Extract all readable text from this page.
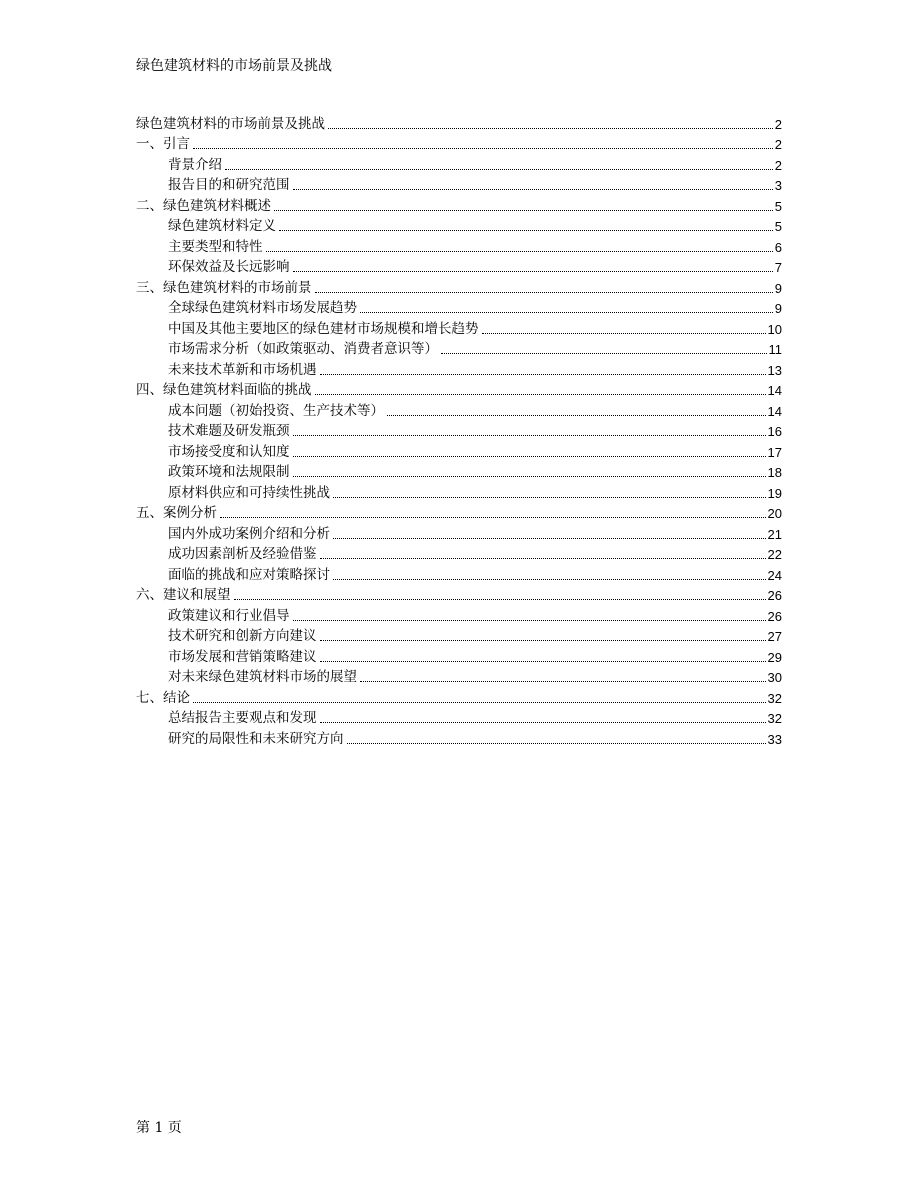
绿色建筑材料的市场前景及挑战
绿色建筑材料的市场前景及挑战	2
一、引言	2
背景介绍	2
报告目的和研究范围	3
二、绿色建筑材料概述	5
绿色建筑材料定义	5
主要类型和特性	6
环保效益及长远影响	7
三、绿色建筑材料的市场前景	9
全球绿色建筑材料市场发展趋势	9
中国及其他主要地区的绿色建材市场规模和增长趋势	10
市场需求分析（如政策驱动、消费者意识等）	11
未来技术革新和市场机遇	13
四、绿色建筑材料面临的挑战	14
成本问题（初始投资、生产技术等）	14
技术难题及研发瓶颈	16
市场接受度和认知度	17
政策环境和法规限制	18
原材料供应和可持续性挑战	19
五、案例分析	20
国内外成功案例介绍和分析	21
成功因素剖析及经验借鉴	22
面临的挑战和应对策略探讨	24
六、建议和展望	26
政策建议和行业倡导	26
技术研究和创新方向建议	27
市场发展和营销策略建议	29
对未来绿色建筑材料市场的展望	30
七、结论	32
总结报告主要观点和发现	32
研究的局限性和未来研究方向	33
第 1 页
